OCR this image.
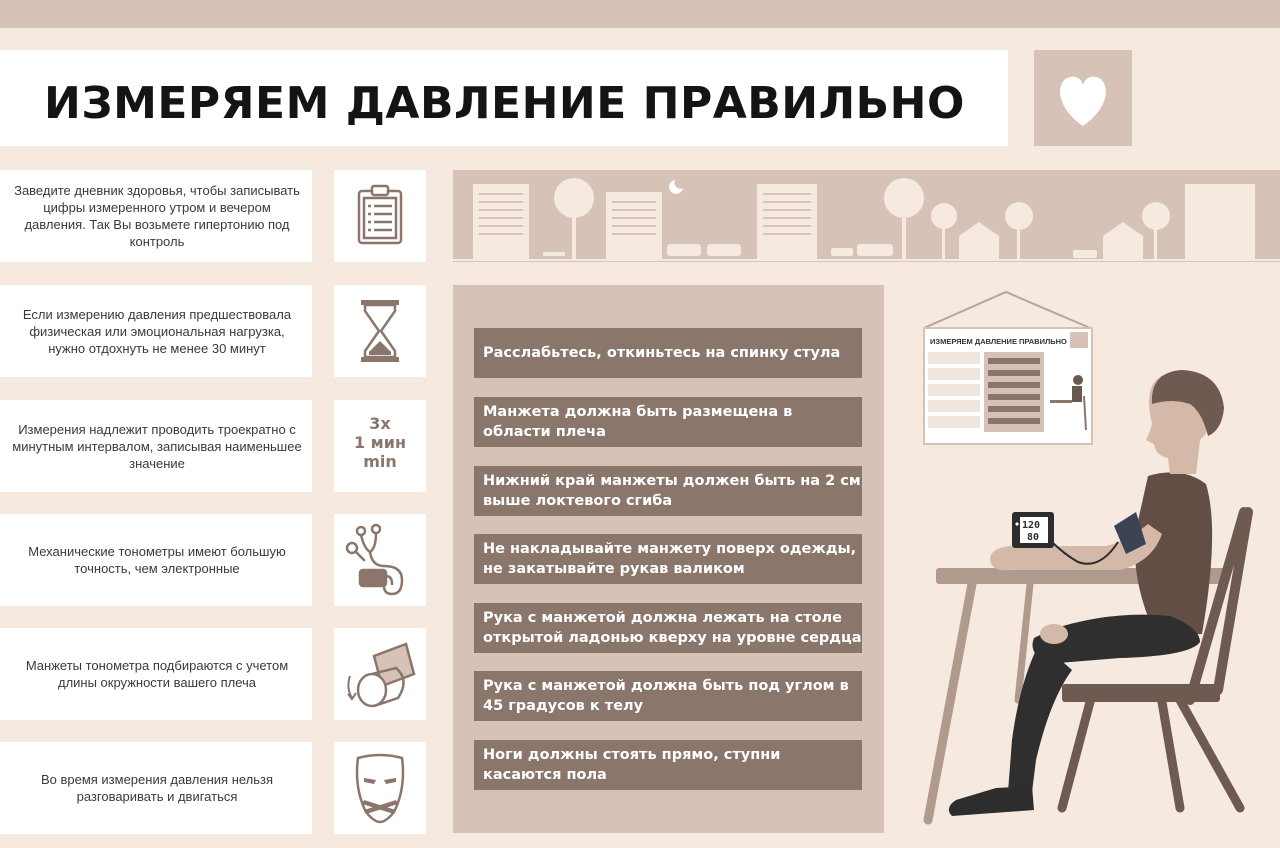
ИЗМЕРЯЕМ ДАВЛЕНИЕ ПРАВИЛЬНО
Заведите дневник здоровья, чтобы записывать цифры измеренного утром и вечером давления. Так Вы возьмете гипертонию под контроль
Если измерению давления предшествовала физическая или эмоциональная нагрузка, нужно отдохнуть не менее 30 минут
Измерения надлежит проводить троекратно с минутным интервалом, записывая наименьшее значение
Механические тонометры имеют большую точность, чем электронные
Манжеты тонометра подбираются с учетом длины окружности вашего плеча
Во время измерения давления нельзя разговаривать и двигаться
3x
1 мин
min
Расслабьтесь, откиньтесь на спинку стула
Манжета должна быть размещена в области плеча
Нижний край манжеты должен быть на 2 см выше локтевого сгиба
Не накладывайте манжету поверх одежды, не закатывайте рукав валиком
Рука с манжетой должна лежать на столе открытой ладонью кверху на уровне сердца
Рука с манжетой должна быть под углом в 45 градусов к телу
Ноги должны стоять прямо, ступни касаются пола
ИЗМЕРЯЕМ ДАВЛЕНИЕ ПРАВИЛЬНО
120
80
